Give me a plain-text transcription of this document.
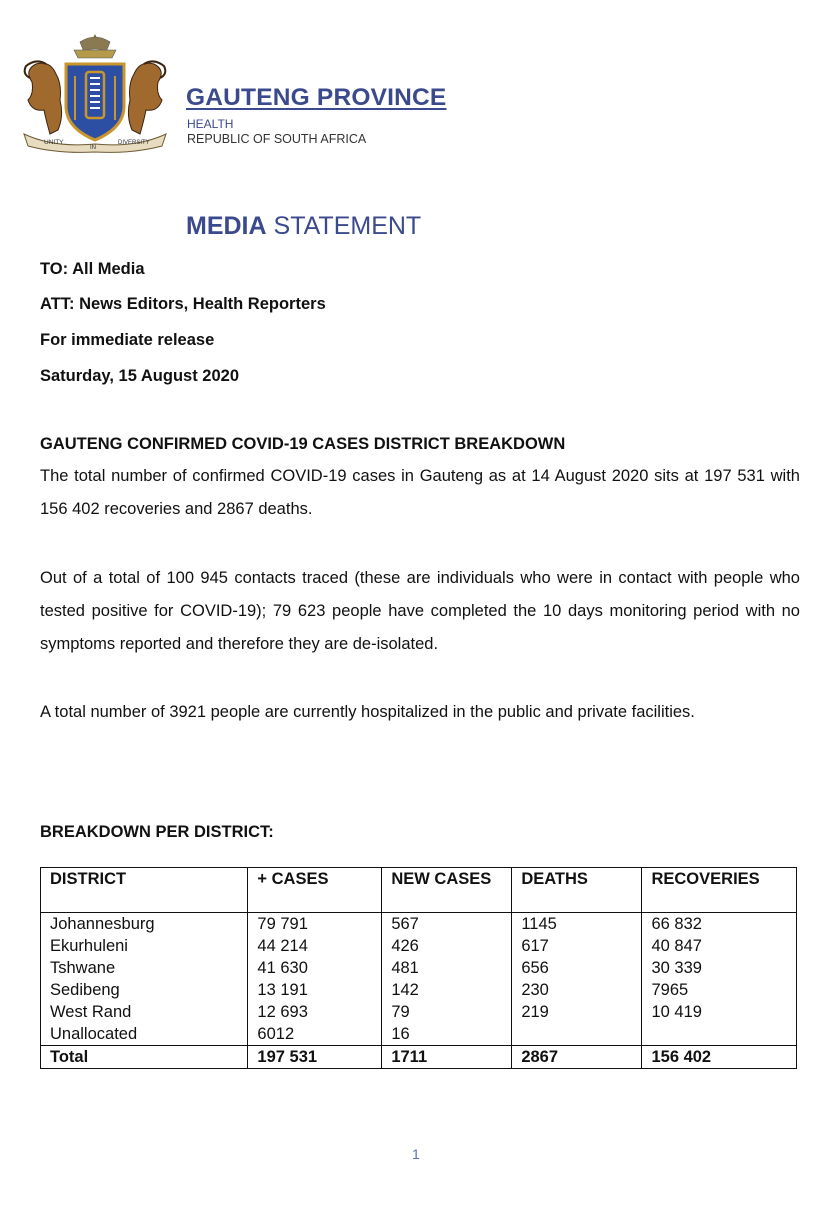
UNITY
IN
DIVERSITY
GAUTENG PROVINCE
HEALTH
REPUBLIC OF SOUTH AFRICA
MEDIA STATEMENT
TO: All Media
ATT: News Editors, Health Reporters
For immediate release
Saturday, 15 August 2020
GAUTENG CONFIRMED COVID-19 CASES DISTRICT BREAKDOWN

The total number of confirmed COVID-19 cases in Gauteng as at 14 August 2020 sits at 197 531 with 156 402 recoveries and 2867 deaths.

Out of a total of 100 945 contacts traced (these are individuals who were in contact with people who tested positive for COVID-19); 79 623 people have completed the 10 days monitoring period with no symptoms reported and therefore they are de-isolated.

A total number of 3921 people are currently hospitalized in the public and private facilities.

BREAKDOWN PER DISTRICT:
DISTRICT	+ CASES	NEW CASES	DEATHS	RECOVERIES
Johannesburg	79 791	567	1145	66 832
Ekurhuleni	44 214	426	617	40 847
Tshwane	41 630	481	656	30 339
Sedibeng	13 191	142	230	7965
West Rand	12 693	79	219	10 419
Unallocated	6012	16		
Total	197 531	1711	2867	156 402
1
